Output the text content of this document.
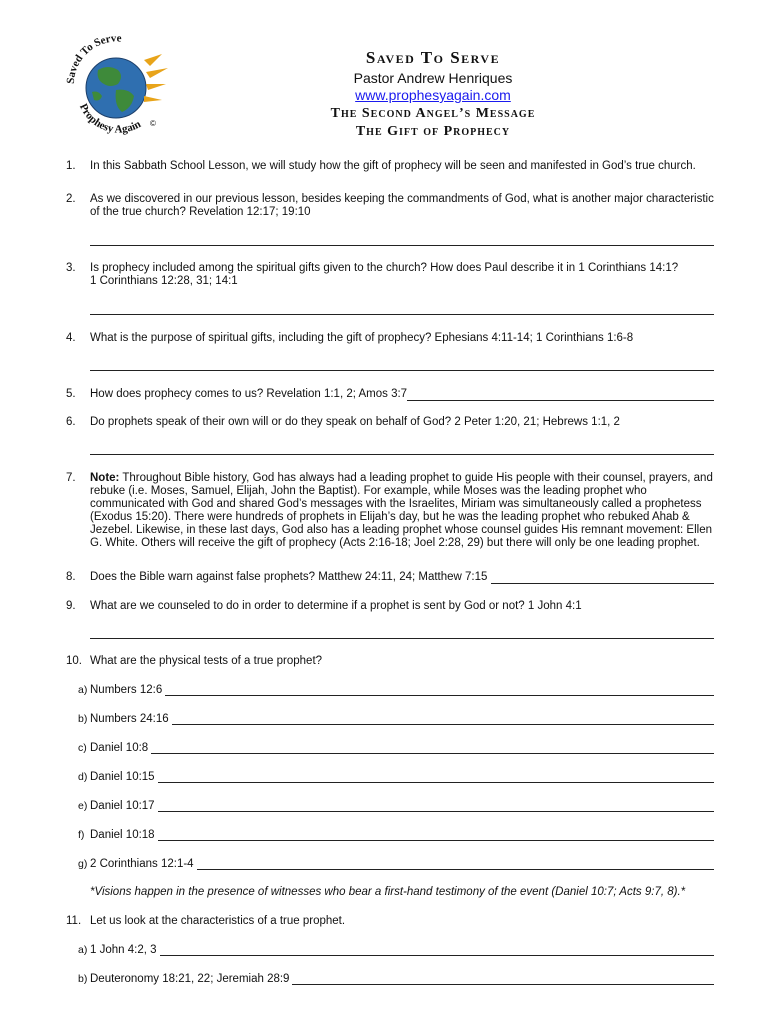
Saved To Serve
Prophesy Again ©
Saved To Serve
Pastor Andrew Henriques
www.prophesyagain.com
The Second Angel’s Message
The Gift of Prophecy
1.	In this Sabbath School Lesson, we will study how the gift of prophecy will be seen and manifested in God’s true church.
2.	As we discovered in our previous lesson, besides keeping the commandments of God, what is another major characteristic of the true church? Revelation 12:17; 19:10
3.	Is prophecy included among the spiritual gifts given to the church? How does Paul describe it in 1 Corinthians 14:1?
1 Corinthians 12:28, 31; 14:1
4.	What is the purpose of spiritual gifts, including the gift of prophecy? Ephesians 4:11-14; 1 Corinthians 1:6-8
5.	How does prophecy comes to us? Revelation 1:1, 2; Amos 3:7
6.	Do prophets speak of their own will or do they speak on behalf of God? 2 Peter 1:20, 21; Hebrews 1:1, 2
7.	Note: Throughout Bible history, God has always had a leading prophet to guide His people with their counsel, prayers, and rebuke (i.e. Moses, Samuel, Elijah, John the Baptist). For example, while Moses was the leading prophet who communicated with God and shared God’s messages with the Israelites, Miriam was simultaneously called a prophetess (Exodus 15:20). There were hundreds of prophets in Elijah’s day, but he was the leading prophet who rebuked Ahab & Jezebel. Likewise, in these last days, God also has a leading prophet whose counsel guides His remnant movement: Ellen G. White. Others will receive the gift of prophecy (Acts 2:16-18; Joel 2:28, 29) but there will only be one leading prophet.
8.	Does the Bible warn against false prophets? Matthew 24:11, 24; Matthew 7:15
9.	What are we counseled to do in order to determine if a prophet is sent by God or not? 1 John 4:1
10. What are the physical tests of a true prophet?
a) Numbers 12:6
b) Numbers 24:16
c) Daniel 10:8
d) Daniel 10:15
e) Daniel 10:17
f) Daniel 10:18
g) 2 Corinthians 12:1-4
*Visions happen in the presence of witnesses who bear a first-hand testimony of the event (Daniel 10:7; Acts 9:7, 8).*
11. Let us look at the characteristics of a true prophet.
a) 1 John 4:2, 3
b) Deuteronomy 18:21, 22; Jeremiah 28:9
